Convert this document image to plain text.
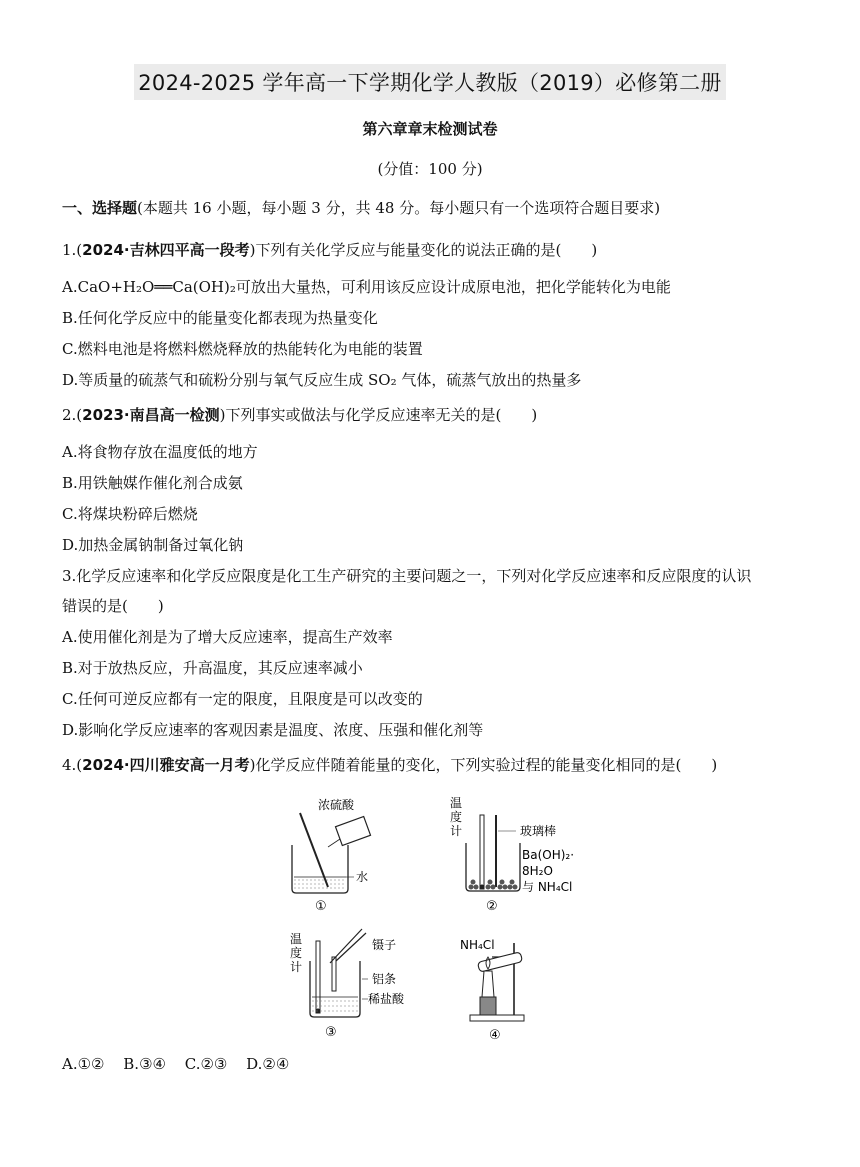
2024-2025 学年高一下学期化学人教版（2019）必修第二册
第六章章末检测试卷
(分值：100 分)
一、选择题(本题共 16 小题，每小题 3 分，共 48 分。每小题只有一个选项符合题目要求)
1.(2024·吉林四平高一段考)下列有关化学反应与能量变化的说法正确的是(　　)
A.CaO+H₂O══Ca(OH)₂可放出大量热，可利用该反应设计成原电池，把化学能转化为电能
B.任何化学反应中的能量变化都表现为热量变化
C.燃料电池是将燃料燃烧释放的热能转化为电能的装置
D.等质量的硫蒸气和硫粉分别与氧气反应生成 SO₂ 气体，硫蒸气放出的热量多
2.(2023·南昌高一检测)下列事实或做法与化学反应速率无关的是(　　)
A.将食物存放在温度低的地方
B.用铁触媒作催化剂合成氨
C.将煤块粉碎后燃烧
D.加热金属钠制备过氧化钠
3.化学反应速率和化学反应限度是化工生产研究的主要问题之一，下列对化学反应速率和反应限度的认识
错误的是(　　)
A.使用催化剂是为了增大反应速率，提高生产效率
B.对于放热反应，升高温度，其反应速率减小
C.任何可逆反应都有一定的限度，且限度是可以改变的
D.影响化学反应速率的客观因素是温度、浓度、压强和催化剂等
4.(2024·四川雅安高一月考)化学反应伴随着能量的变化，下列实验过程的能量变化相同的是(　　)
浓硫酸
水
①
温
度
计	玻璃棒
Ba(OH)₂·
8H₂O
与 NH₄Cl
②
温
度
计
镊子
铝条
稀盐酸
③
NH₄Cl
④
A.①② B.③④ C.②③ D.②④
